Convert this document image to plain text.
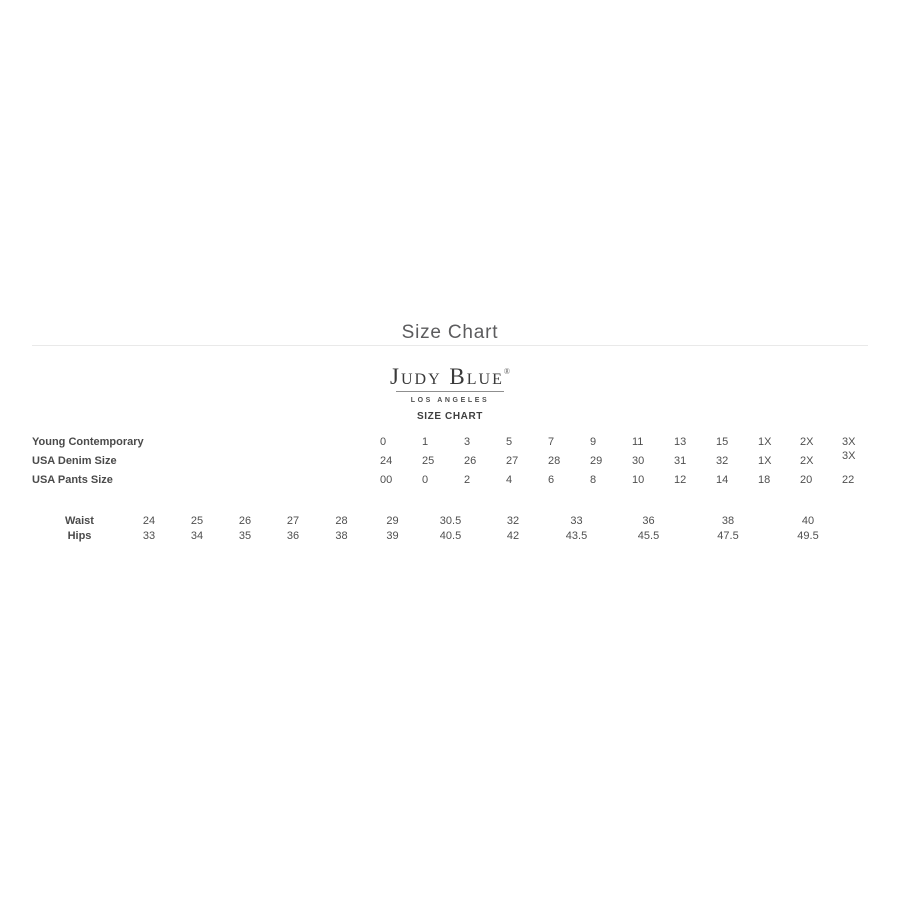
Size Chart
Judy Blue®
LOS ANGELES
SIZE CHART
Young Contemporary	0	1	3	5	7	9	11	13	15	1X	2X	3X
USA Denim Size	24	25	26	27	28	29	30	31	32	1X	2X	3X
USA Pants Size	00	0	2	4	6	8	10	12	14	18	20	22
Waist	24	25	26	27	28	29	30.5	32	33	36	38	40
Hips	33	34	35	36	38	39	40.5	42	43.5	45.5	47.5	49.5
